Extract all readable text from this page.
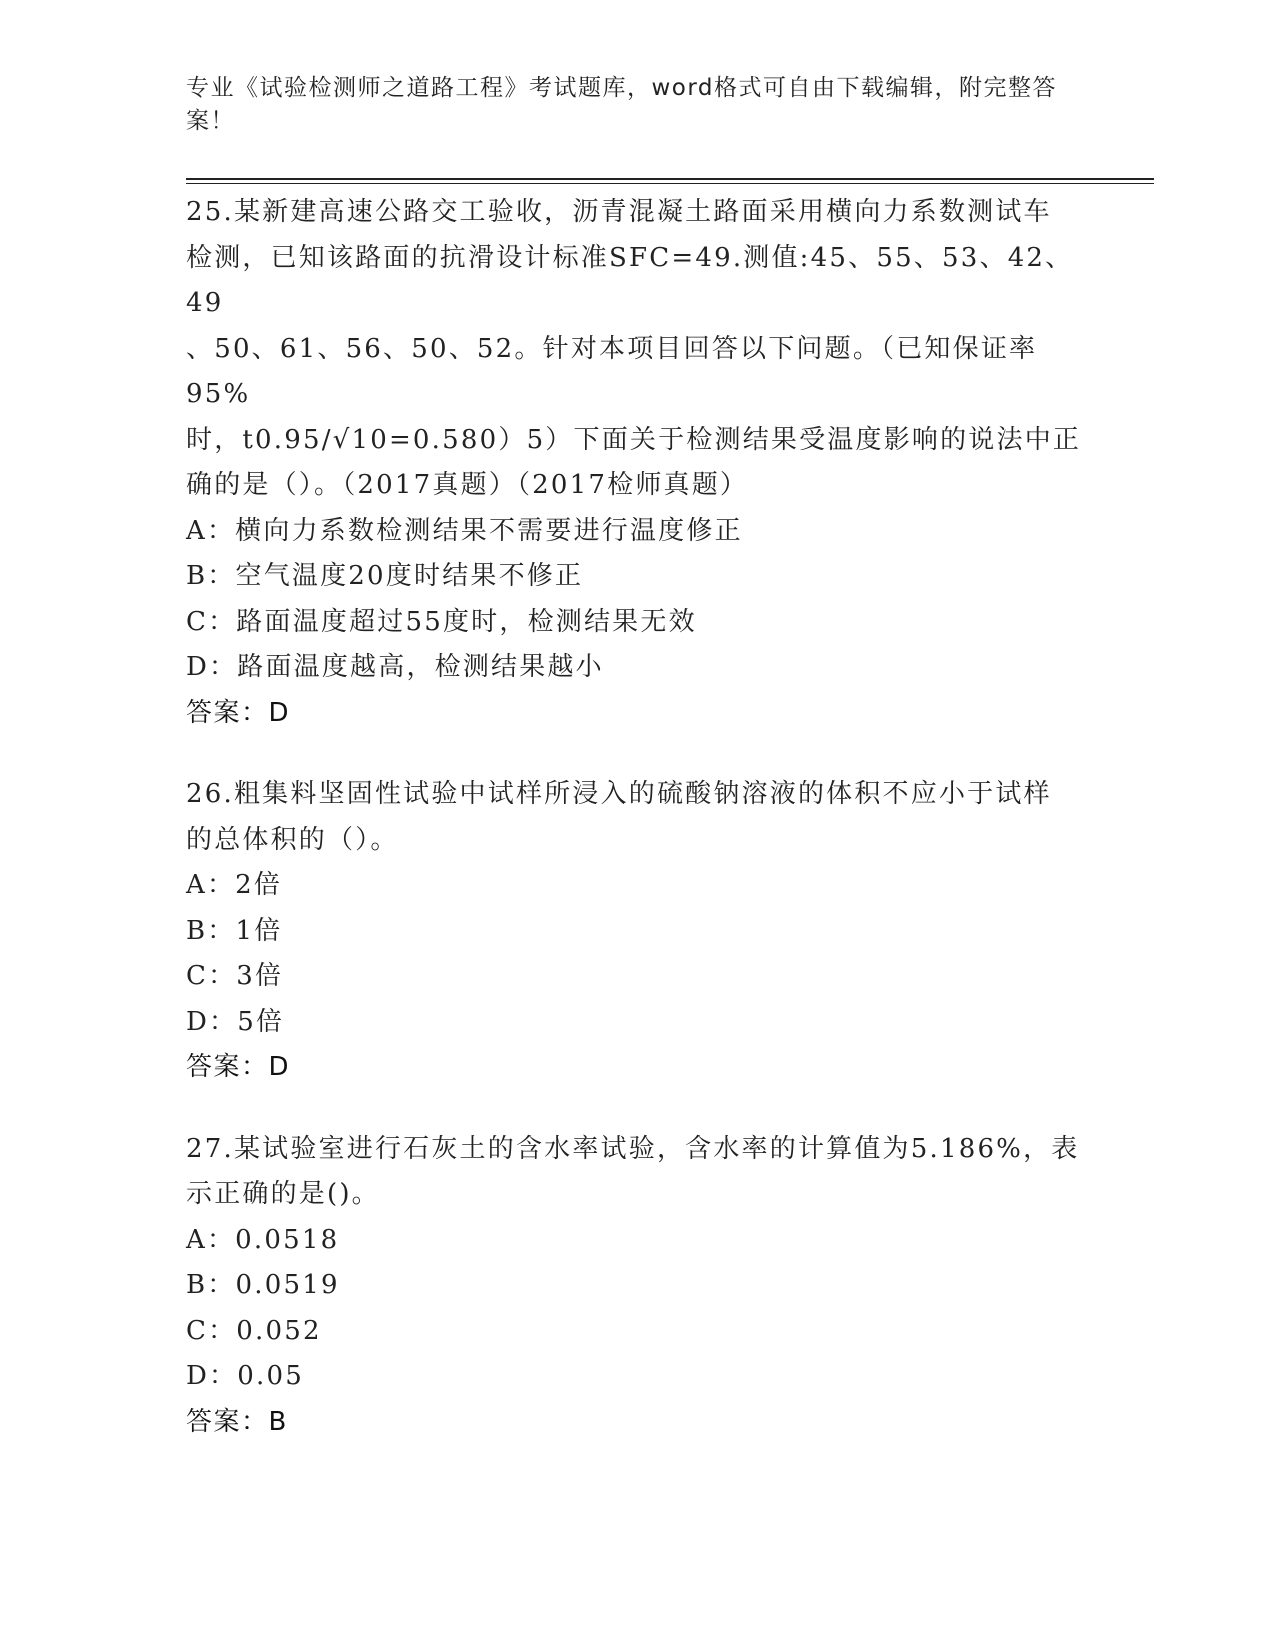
专业《试验检测师之道路工程》考试题库，word格式可自由下载编辑，附完整答
案！

25.某新建高速公路交工验收，沥青混凝土路面采用横向力系数测试车

检测，已知该路面的抗滑设计标准SFC=49.测值:45、55、53、42、49

、50、61、56、50、52。针对本项目回答以下问题。（已知保证率95%

时，t0.95/√10=0.580）5）下面关于检测结果受温度影响的说法中正

确的是（）。（2017真题）（2017检师真题）

A：横向力系数检测结果不需要进行温度修正

B：空气温度20度时结果不修正

C：路面温度超过55度时，检测结果无效

D：路面温度越高，检测结果越小

答案：D

26.粗集料坚固性试验中试样所浸入的硫酸钠溶液的体积不应小于试样

的总体积的（）。

A：2倍

B：1倍

C：3倍

D：5倍

答案：D

27.某试验室进行石灰土的含水率试验，含水率的计算值为5.186%，表

示正确的是()。

A：0.0518

B：0.0519

C：0.052

D：0.05

答案：B
